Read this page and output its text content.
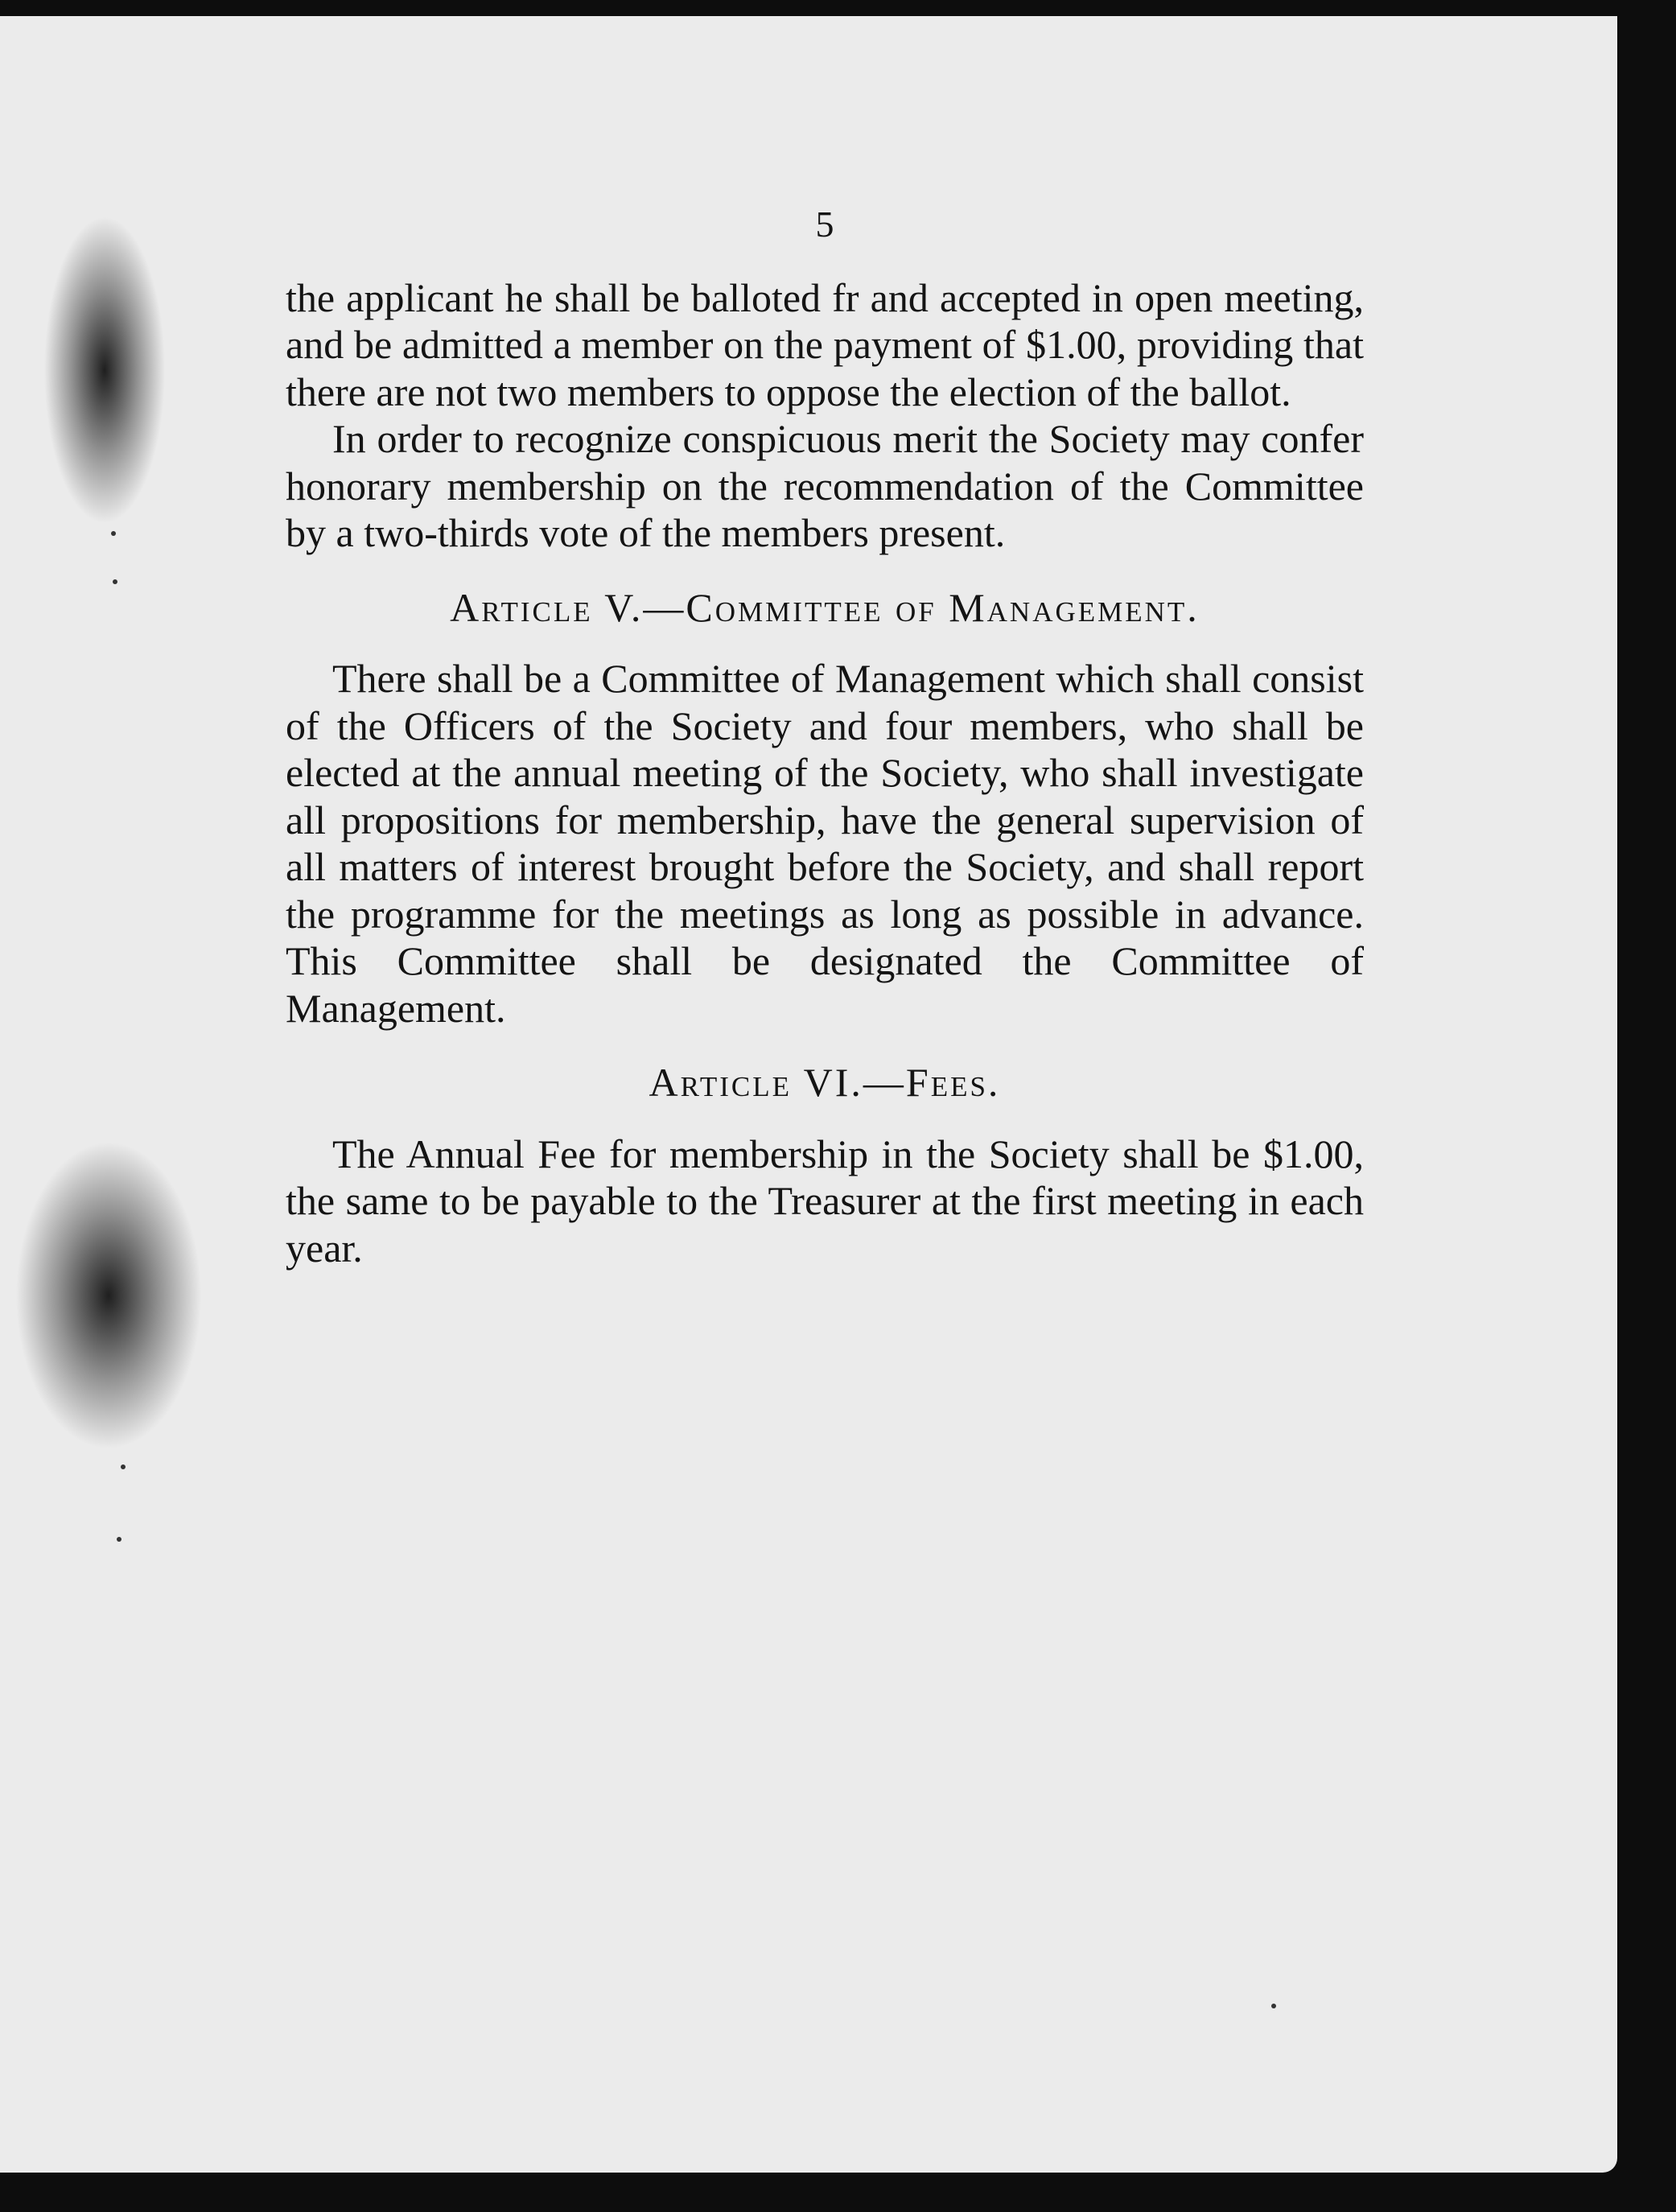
5

the applicant he shall be balloted fr and accepted in open meeting, and be admitted a member on the payment of $1.00, providing that there are not two members to oppose the election of the ballot.

In order to recognize conspicuous merit the Society may confer honorary membership on the recommendation of the Committee by a two-thirds vote of the members present.

Article V.—Committee of Management.

There shall be a Committee of Management which shall consist of the Officers of the Society and four members, who shall be elected at the annual meeting of the Society, who shall investigate all propositions for membership, have the general supervision of all matters of interest brought before the Society, and shall report the programme for the meetings as long as possible in advance. This Committee shall be designated the Committee of Management.

Article VI.—Fees.

The Annual Fee for membership in the Society shall be $1.00, the same to be payable to the Treasurer at the first meeting in each year.
